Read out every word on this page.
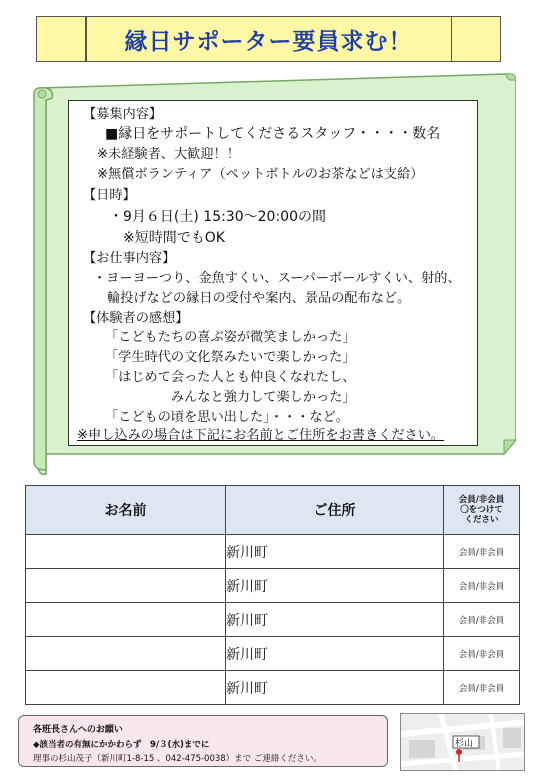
縁日サポーター要員求む！
【募集内容】
■縁日をサポートしてくださるスタッフ・・・・数名
※未経験者、大歓迎！！
※無償ボランティア（ペットボトルのお茶などは支給）
【日時】
・9月６日(土) 15:30～20:00の間
※短時間でもOK
【お仕事内容】
・ヨーヨーつり、金魚すくい、スーパーボールすくい、射的、
輪投げなどの縁日の受付や案内、景品の配布など。
【体験者の感想】
「こどもたちの喜ぶ姿が微笑ましかった」
「学生時代の文化祭みたいで楽しかった」
「はじめて会った人とも仲良くなれたし、
みんなと強力して楽しかった」
「こどもの頃を思い出した」・・・など。
※申し込みの場合は下記にお名前とご住所をお書きください。
お名前	ご住所	会員/非会員
〇をつけて
ください

	新川町	会員/非会員
	新川町	会員/非会員
	新川町	会員/非会員
	新川町	会員/非会員
	新川町	会員/非会員
各班長さんへのお願い
◆該当者の有無にかかわらず　9/３(水)までに
理事の杉山茂子（新川町1-8-15 、042-475-0038）まで ご連絡ください。
杉山
